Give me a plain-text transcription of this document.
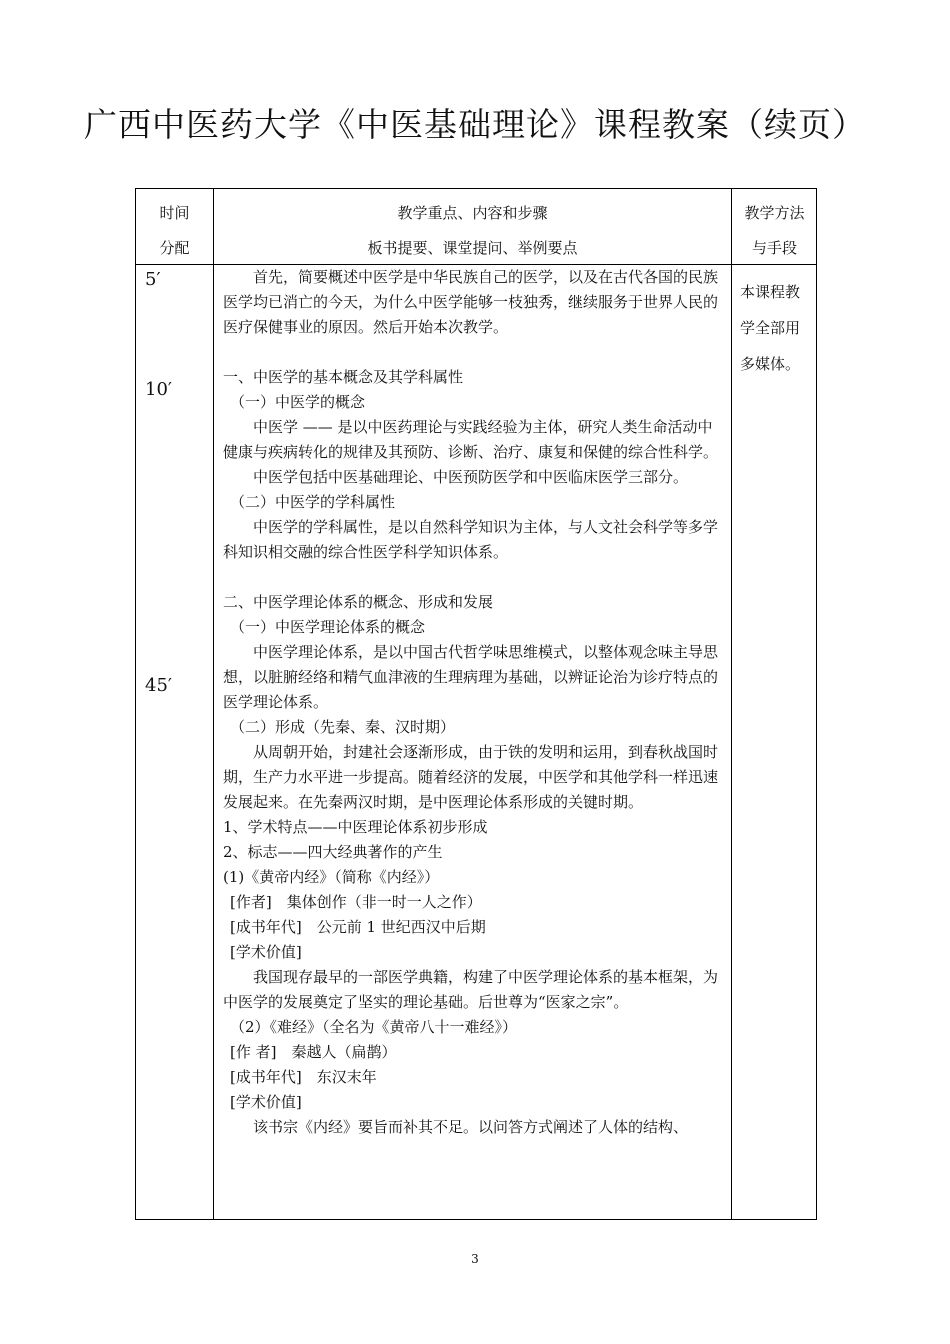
广西中医药大学《中医基础理论》课程教案（续页）
时间
分配
教学重点、内容和步骤
板书提要、课堂提问、举例要点
教学方法
与手段
5′
10′
45′

首先，简要概述中医学是中华民族自己的医学，以及在古代各国的民族医学均已消亡的今天，为什么中医学能够一枝独秀，继续服务于世界人民的医疗保健事业的原因。然后开始本次教学。

一、中医学的基本概念及其学科属性

（一）中医学的概念

中医学 —— 是以中医药理论与实践经验为主体，研究人类生命活动中健康与疾病转化的规律及其预防、诊断、治疗、康复和保健的综合性科学。

中医学包括中医基础理论、中医预防医学和中医临床医学三部分。

（二）中医学的学科属性

中医学的学科属性，是以自然科学知识为主体，与人文社会科学等多学科知识相交融的综合性医学科学知识体系。

二、中医学理论体系的概念、形成和发展

（一）中医学理论体系的概念

中医学理论体系，是以中国古代哲学味思维模式，以整体观念味主导思想，以脏腑经络和精气血津液的生理病理为基础，以辨证论治为诊疗特点的医学理论体系。

（二）形成（先秦、秦、汉时期）

从周朝开始，封建社会逐渐形成，由于铁的发明和运用，到春秋战国时期，生产力水平进一步提高。随着经济的发展，中医学和其他学科一样迅速发展起来。在先秦两汉时期，是中医理论体系形成的关键时期。

1、学术特点——中医理论体系初步形成

2、标志——四大经典著作的产生

(1)《黄帝内经》（简称《内经》）

[作者]　集体创作（非一时一人之作）

[成书年代]　公元前 1 世纪西汉中后期

[学术价值]

我国现存最早的一部医学典籍，构建了中医学理论体系的基本框架，为中医学的发展奠定了坚实的理论基础。后世尊为“医家之宗”。

（2）《难经》（全名为《黄帝八十一难经》）

[作 者]　秦越人（扁鹊）

[成书年代]　东汉末年

[学术价值]

该书宗《内经》要旨而补其不足。以问答方式阐述了人体的结构、

本课程教

学全部用

多媒体。

3
